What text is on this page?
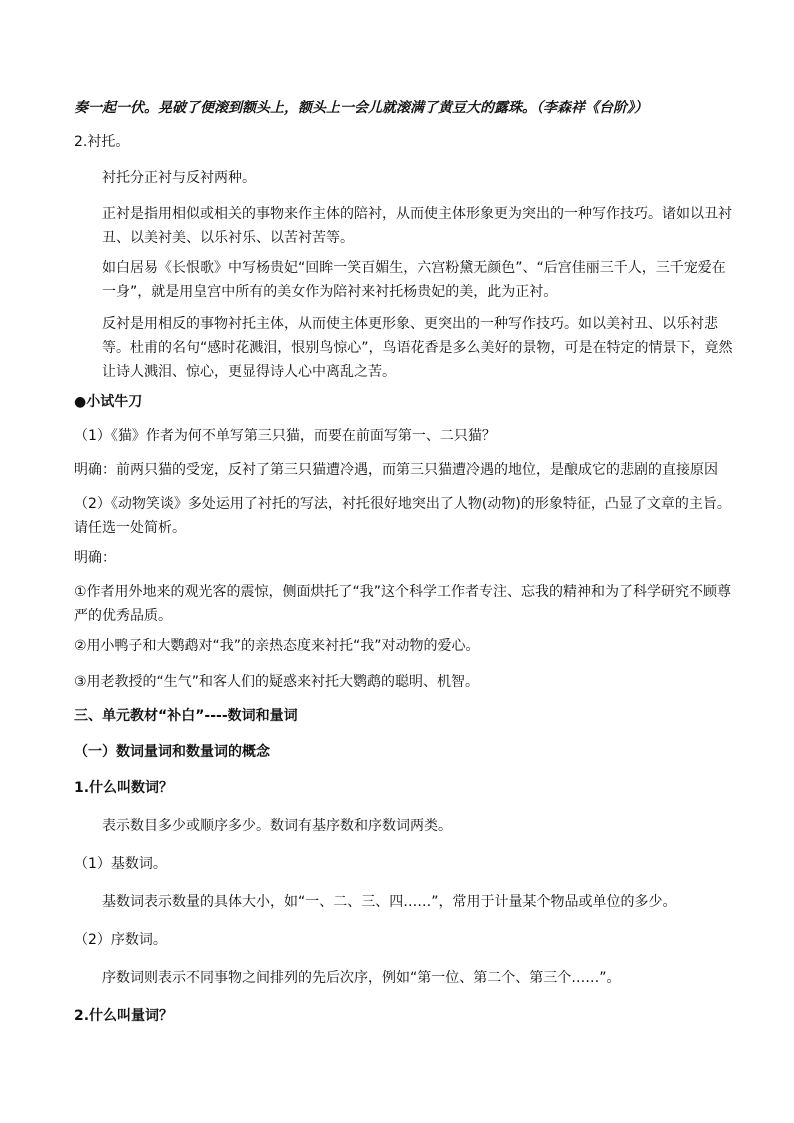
奏一起一伏。晃破了便滚到额头上，额头上一会儿就滚满了黄豆大的露珠。（李森祥《台阶》）
2.衬托。
衬托分正衬与反衬两种。
正衬是指用相似或相关的事物来作主体的陪衬，从而使主体形象更为突出的一种写作技巧。诸如以丑衬丑、以美衬美、以乐衬乐、以苦衬苦等。
如白居易《长恨歌》中写杨贵妃“回眸一笑百媚生，六宫粉黛无颜色”、“后宫佳丽三千人，三千宠爱在一身”，就是用皇宫中所有的美女作为陪衬来衬托杨贵妃的美，此为正衬。
反衬是用相反的事物衬托主体，从而使主体更形象、更突出的一种写作技巧。如以美衬丑、以乐衬悲等。杜甫的名句“感时花溅泪，恨别鸟惊心”，鸟语花香是多么美好的景物，可是在特定的情景下，竟然让诗人溅泪、惊心，更显得诗人心中离乱之苦。
●小试牛刀
（1）《猫》作者为何不单写第三只猫，而要在前面写第一、二只猫？
明确：前两只猫的受宠，反衬了第三只猫遭冷遇，而第三只猫遭冷遇的地位，是酿成它的悲剧的直接原因
（2）《动物笑谈》多处运用了衬托的写法，衬托很好地突出了人物(动物)的形象特征，凸显了文章的主旨。请任选一处简析。
明确：
①作者用外地来的观光客的震惊，侧面烘托了“我”这个科学工作者专注、忘我的精神和为了科学研究不顾尊严的优秀品质。
②用小鸭子和大鹦鹉对“我”的亲热态度来衬托“我”对动物的爱心。
③用老教授的“生气”和客人们的疑惑来衬托大鹦鹉的聪明、机智。
三、单元教材“补白”----数词和量词
（一）数词量词和数量词的概念
1.什么叫数词？
表示数目多少或顺序多少。数词有基序数和序数词两类。
（1）基数词。
基数词表示数量的具体大小，如“一、二、三、四……”，常用于计量某个物品或单位的多少。
（2）序数词。
序数词则表示不同事物之间排列的先后次序，例如“第一位、第二个、第三个……”。
2.什么叫量词？
